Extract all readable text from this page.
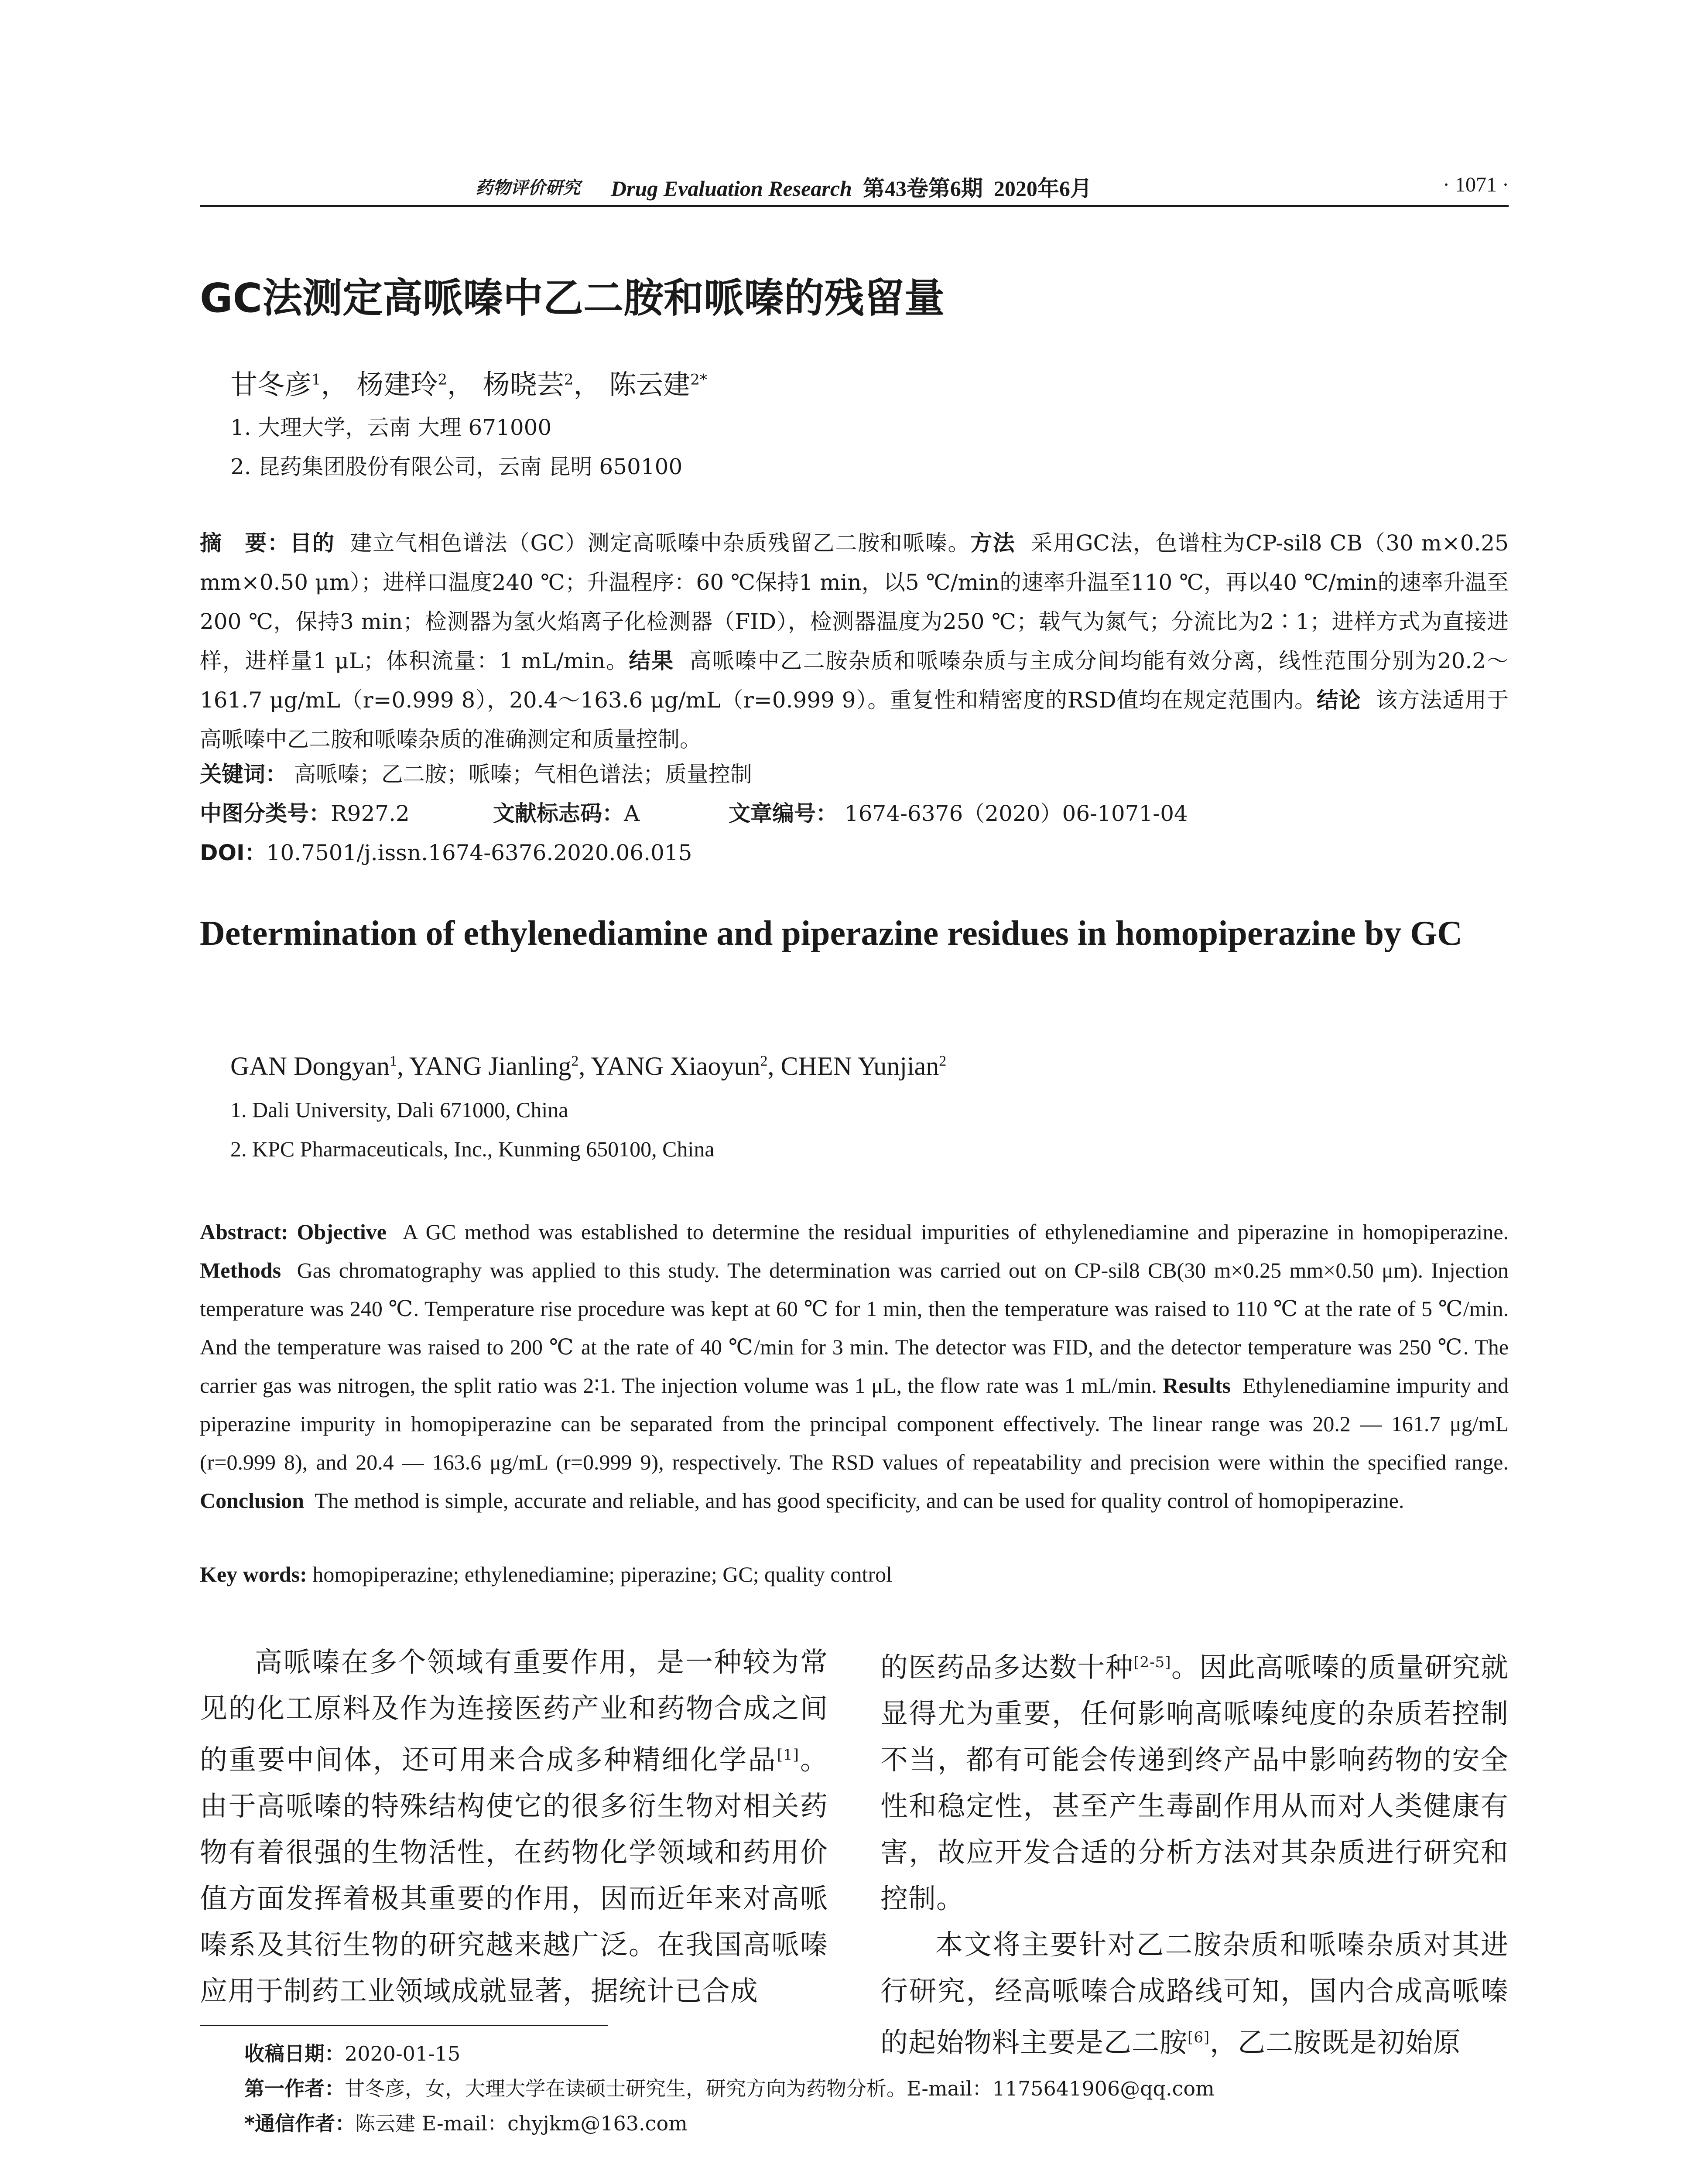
药物评价研究 Drug Evaluation Research 第43卷第6期 2020年6月	· 1071 ·
GC法测定高哌嗪中乙二胺和哌嗪的残留量
甘冬彦$^1$， 杨建玲$^2$， 杨晓芸$^2$， 陈云建$^{2*}$
1. 大理大学，云南 大理 671000
2. 昆药集团股份有限公司，云南 昆明 650100
摘　要：目的 建立气相色谱法（GC）测定高哌嗪中杂质残留乙二胺和哌嗪。方法 采用GC法，色谱柱为CP-sil8 CB（30 m×0.25 mm×0.50 μm）；进样口温度240 ℃；升温程序：60 ℃保持1 min，以5 ℃/min的速率升温至110 ℃，再以40 ℃/min的速率升温至200 ℃，保持3 min；检测器为氢火焰离子化检测器（FID），检测器温度为250 ℃；载气为氮气；分流比为2∶1；进样方式为直接进样，进样量1 μL；体积流量：1 mL/min。结果 高哌嗪中乙二胺杂质和哌嗪杂质与主成分间均能有效分离，线性范围分别为20.2～161.7 μg/mL（r=0.999 8），20.4～163.6 μg/mL（r=0.999 9）。重复性和精密度的RSD值均在规定范围内。结论 该方法适用于高哌嗪中乙二胺和哌嗪杂质的准确测定和质量控制。
关键词： 高哌嗪；乙二胺；哌嗪；气相色谱法；质量控制
中图分类号：R927.2	文献标志码：A	文章编号： 1674-6376（2020）06-1071-04
DOI：10.7501/j.issn.1674-6376.2020.06.015
Determination of ethylenediamine and piperazine residues in homopiperazine by GC
GAN Dongyan$^1$, YANG Jianling$^2$, YANG Xiaoyun$^2$, CHEN Yunjian$^2$
1. Dali University, Dali 671000, China
2. KPC Pharmaceuticals, Inc., Kunming 650100, China
Abstract: Objective A GC method was established to determine the residual impurities of ethylenediamine and piperazine in homopiperazine. Methods Gas chromatography was applied to this study. The determination was carried out on CP-sil8 CB(30 m×0.25 mm×0.50 μm). Injection temperature was 240 ℃. Temperature rise procedure was kept at 60 ℃ for 1 min, then the temperature was raised to 110 ℃ at the rate of 5 ℃/min. And the temperature was raised to 200 ℃ at the rate of 40 ℃/min for 3 min. The detector was FID, and the detector temperature was 250 ℃. The carrier gas was nitrogen, the split ratio was 2∶1. The injection volume was 1 μL, the flow rate was 1 mL/min. Results Ethylenediamine impurity and piperazine impurity in homopiperazine can be separated from the principal component effectively. The linear range was 20.2 — 161.7 μg/mL (r=0.999 8), and 20.4 — 163.6 μg/mL (r=0.999 9), respectively. The RSD values of repeatability and precision were within the specified range. Conclusion The method is simple, accurate and reliable, and has good specificity, and can be used for quality control of homopiperazine.
Key words: homopiperazine; ethylenediamine; piperazine; GC; quality control

高哌嗪在多个领域有重要作用，是一种较为常见的化工原料及作为连接医药产业和药物合成之间的重要中间体，还可用来合成多种精细化学品[1]。由于高哌嗪的特殊结构使它的很多衍生物对相关药物有着很强的生物活性，在药物化学领域和药用价值方面发挥着极其重要的作用，因而近年来对高哌嗪系及其衍生物的研究越来越广泛。在我国高哌嗪应用于制药工业领域成就显著，据统计已合成

的医药品多达数十种[2-5]。因此高哌嗪的质量研究就显得尤为重要，任何影响高哌嗪纯度的杂质若控制不当，都有可能会传递到终产品中影响药物的安全性和稳定性，甚至产生毒副作用从而对人类健康有害，故应开发合适的分析方法对其杂质进行研究和控制。

本文将主要针对乙二胺杂质和哌嗪杂质对其进行研究，经高哌嗪合成路线可知，国内合成高哌嗪的起始物料主要是乙二胺[6]，乙二胺既是初始原

收稿日期：2020-01-15
第一作者：甘冬彦，女，大理大学在读硕士研究生，研究方向为药物分析。E-mail：1175641906@qq.com
*通信作者：陈云建 E-mail：chyjkm@163.com
